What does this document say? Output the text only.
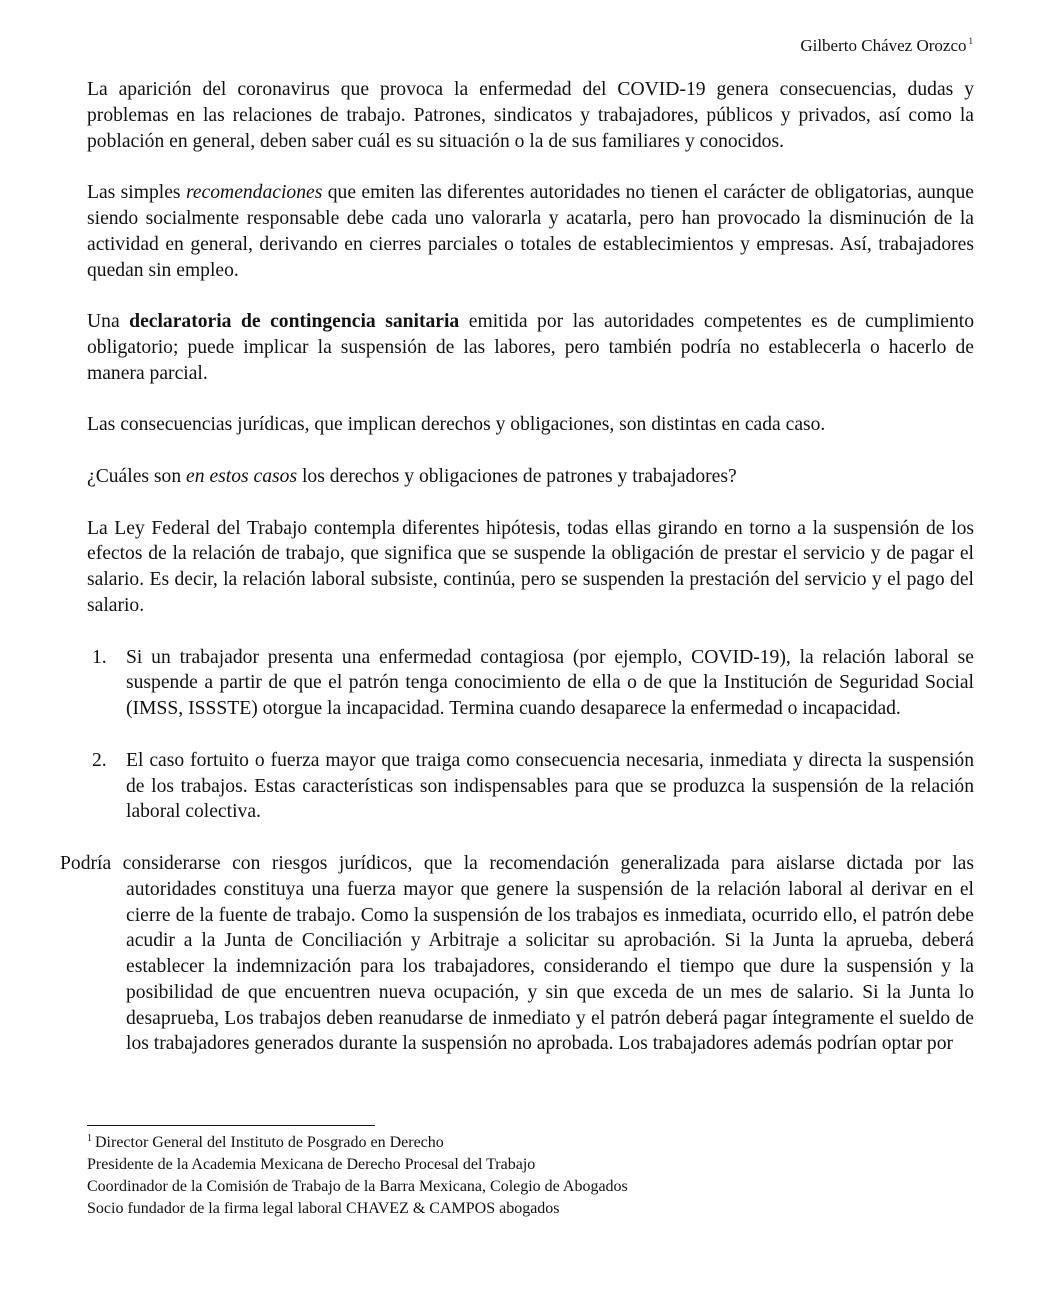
Gilberto Chávez Orozco $^1$

La aparición del coronavirus que provoca la enfermedad del COVID-19 genera consecuencias, dudas y problemas en las relaciones de trabajo. Patrones, sindicatos y trabajadores, públicos y privados, así como la población en general, deben saber cuál es su situación o la de sus familiares y conocidos.

Las simples recomendaciones que emiten las diferentes autoridades no tienen el carácter de obligatorias, aunque siendo socialmente responsable debe cada uno valorarla y acatarla, pero han provocado la disminución de la actividad en general, derivando en cierres parciales o totales de establecimientos y empresas. Así, trabajadores quedan sin empleo.

Una declaratoria de contingencia sanitaria emitida por las autoridades competentes es de cumplimiento obligatorio; puede implicar la suspensión de las labores, pero también podría no establecerla o hacerlo de manera parcial.

Las consecuencias jurídicas, que implican derechos y obligaciones, son distintas en cada caso.

¿Cuáles son en estos casos los derechos y obligaciones de patrones y trabajadores?

La Ley Federal del Trabajo contempla diferentes hipótesis, todas ellas girando en torno a la suspensión de los efectos de la relación de trabajo, que significa que se suspende la obligación de prestar el servicio y de pagar el salario. Es decir, la relación laboral subsiste, continúa, pero se suspenden la prestación del servicio y el pago del salario.

1. Si un trabajador presenta una enfermedad contagiosa (por ejemplo, COVID-19), la relación laboral se suspende a partir de que el patrón tenga conocimiento de ella o de que la Institución de Seguridad Social (IMSS, ISSSTE) otorgue la incapacidad. Termina cuando desaparece la enfermedad o incapacidad.
2. El caso fortuito o fuerza mayor que traiga como consecuencia necesaria, inmediata y directa la suspensión de los trabajos. Estas características son indispensables para que se produzca la suspensión de la relación laboral colectiva.

Podría considerarse con riesgos jurídicos, que la recomendación generalizada para aislarse dictada por las autoridades constituya una fuerza mayor que genere la suspensión de la relación laboral al derivar en el cierre de la fuente de trabajo. Como la suspensión de los trabajos es inmediata, ocurrido ello, el patrón debe acudir a la Junta de Conciliación y Arbitraje a solicitar su aprobación. Si la Junta la aprueba, deberá establecer la indemnización para los trabajadores, considerando el tiempo que dure la suspensión y la posibilidad de que encuentren nueva ocupación, y sin que exceda de un mes de salario. Si la Junta lo desaprueba, Los trabajos deben reanudarse de inmediato y el patrón deberá pagar íntegramente el sueldo de los trabajadores generados durante la suspensión no aprobada. Los trabajadores además podrían optar por

$^1$ Director General del Instituto de Posgrado en Derecho
Presidente de la Academia Mexicana de Derecho Procesal del Trabajo
Coordinador de la Comisión de Trabajo de la Barra Mexicana, Colegio de Abogados
Socio fundador de la firma legal laboral CHAVEZ & CAMPOS abogados
